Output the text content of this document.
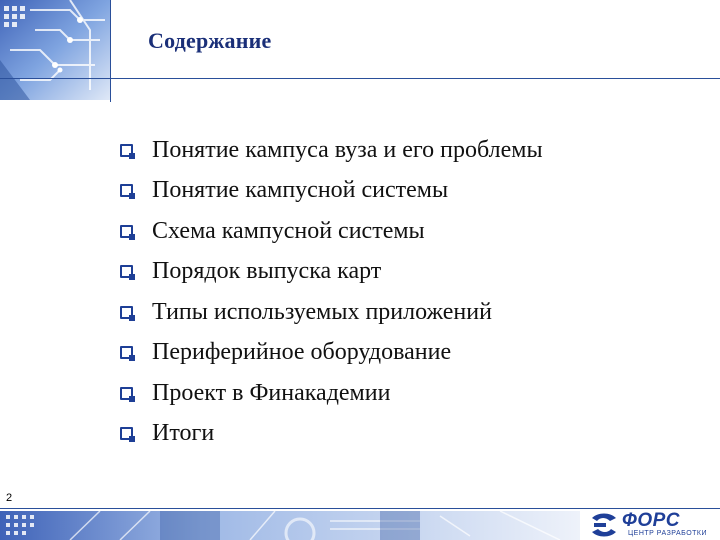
Содержание
Понятие кампуса вуза и его проблемы
Понятие кампусной системы
Схема кампусной системы
Порядок выпуска карт
Типы используемых приложений
Периферийное оборудование
Проект в Финакадемии
Итоги
2
ФОРС
ЦЕНТР РАЗРАБОТКИ
